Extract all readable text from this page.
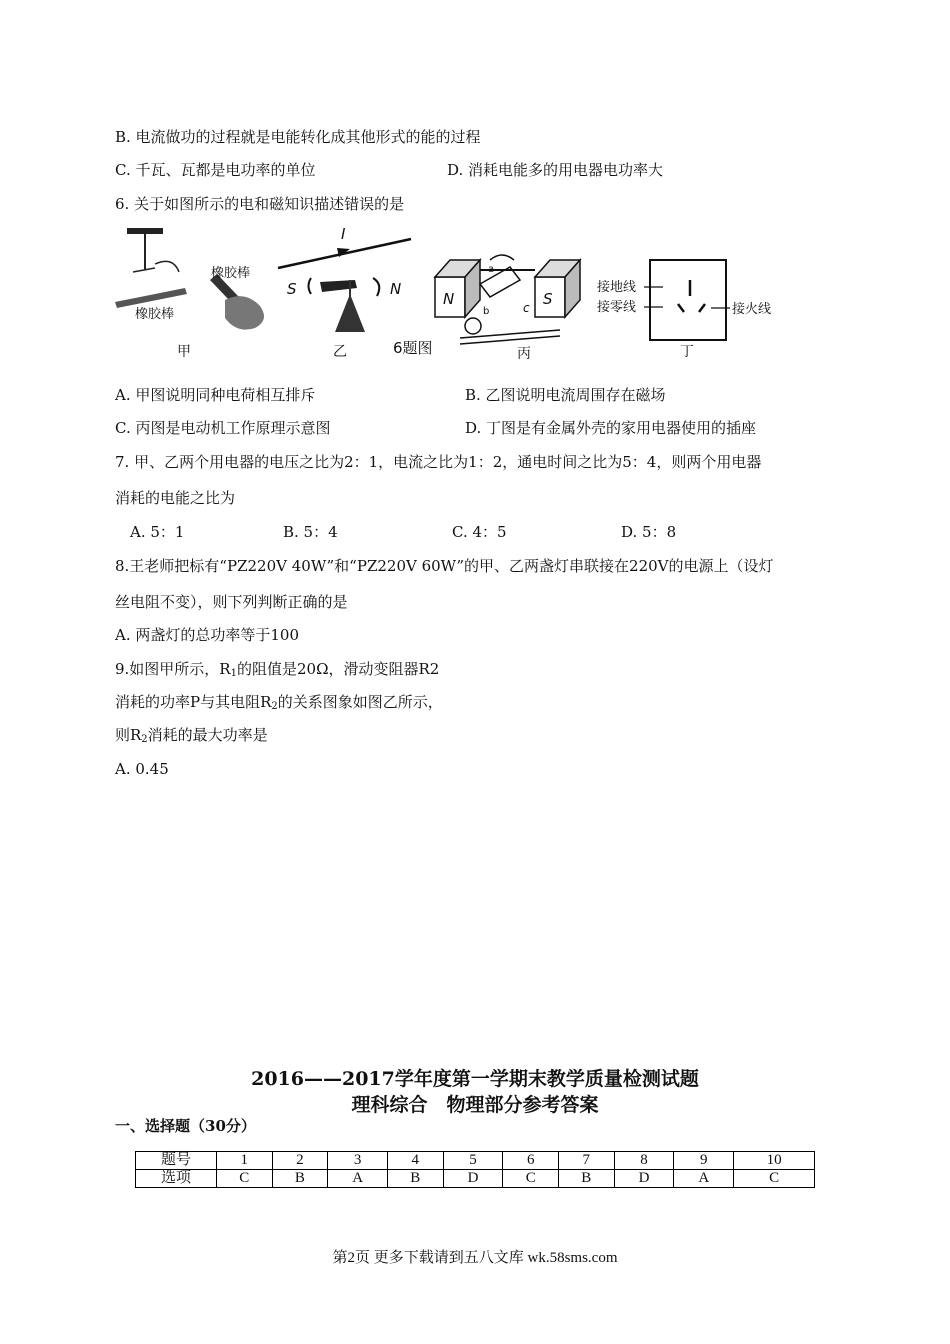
B. 电流做功的过程就是电能转化成其他形式的能的过程
C. 千瓦、瓦都是电功率的单位	D. 消耗电能多的用电器电功率大
6. 关于如图所示的电和磁知识描述错误的是
橡胶棒
橡胶棒
甲
I
S	N
乙	6题图
N	S
a
b	c
丙
接地线
接零线	接火线
丁
A. 甲图说明同种电荷相互排斥	B. 乙图说明电流周围存在磁场
C. 丙图是电动机工作原理示意图	D. 丁图是有金属外壳的家用电器使用的插座
7. 甲、乙两个用电器的电压之比为2：1，电流之比为1：2，通电时间之比为5：4，则两个用电器
消耗的电能之比为
A. 5：1	B. 5：4	C. 4：5	D. 5：8
8.王老师把标有“PZ220V 40W”和“PZ220V 60W”的甲、乙两盏灯串联接在220V的电源上（设灯
丝电阻不变），则下列判断正确的是
A. 两盏灯的总功率等于100
9.如图甲所示，$R_1$的阻值是20Ω，滑动变阻器R2
消耗的功率P与其电阻$R_2$的关系图象如图乙所示，
则$R_2$消耗的最大功率是
A. 0.45
2016——2017学年度第一学期末教学质量检测试题
理科综合　物理部分参考答案
一、选择题（30分）
题号	1	2	3	4	5	6	7	8	9	10
选项	C	B	A	B	D	C	B	D	A	C
第2页 更多下载请到五八文库 wk.58sms.com
